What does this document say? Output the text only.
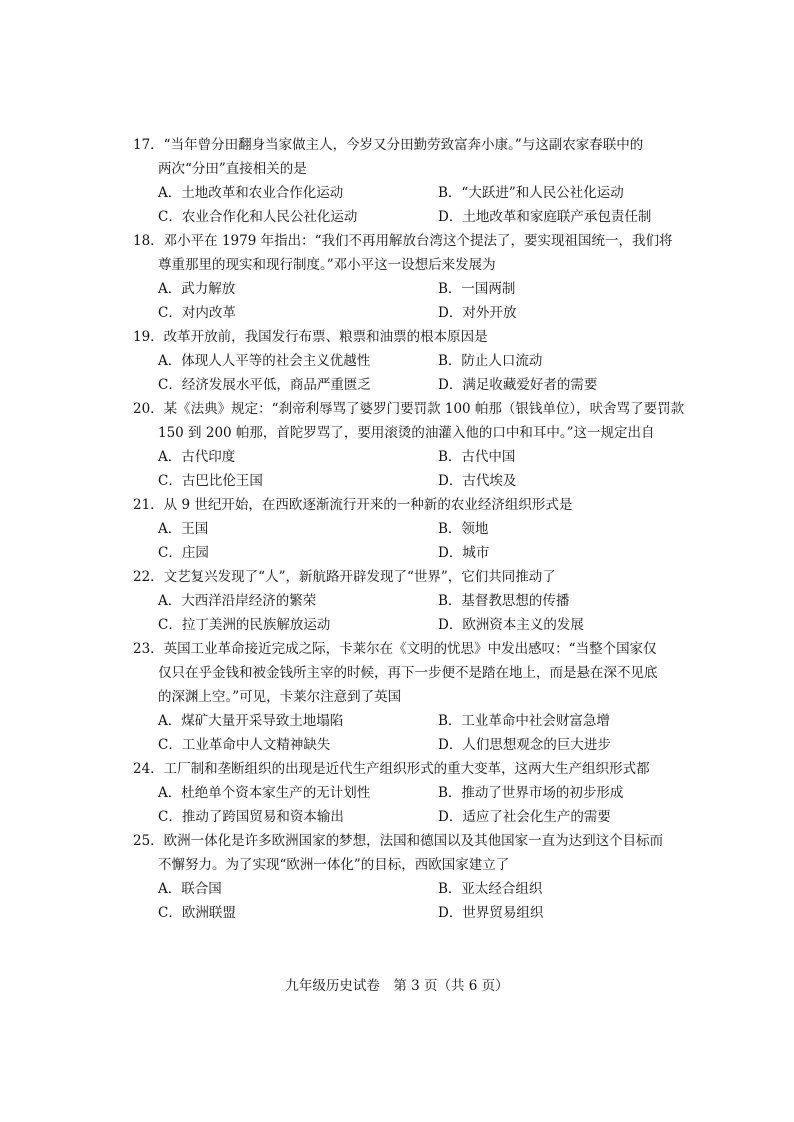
17．“当年曾分田翻身当家做主人，今岁又分田勤劳致富奔小康。”与这副农家春联中的
两次“分田”直接相关的是
A．土地改革和农业合作化运动	B．“大跃进”和人民公社化运动
C．农业合作化和人民公社化运动	D．土地改革和家庭联产承包责任制
18．邓小平在 1979 年指出：“我们不再用解放台湾这个提法了，要实现祖国统一，我们将
尊重那里的现实和现行制度。”邓小平这一设想后来发展为
A．武力解放	B．一国两制
C．对内改革	D．对外开放
19．改革开放前，我国发行布票、粮票和油票的根本原因是
A．体现人人平等的社会主义优越性	B．防止人口流动
C．经济发展水平低，商品严重匮乏	D．满足收藏爱好者的需要
20．某《法典》规定：“刹帝利辱骂了婆罗门要罚款 100 帕那（银钱单位），吠舍骂了要罚款
150 到 200 帕那，首陀罗骂了，要用滚烫的油灌入他的口中和耳中。”这一规定出自
A．古代印度	B．古代中国
C．古巴比伦王国	D．古代埃及
21．从 9 世纪开始，在西欧逐渐流行开来的一种新的农业经济组织形式是
A．王国	B．领地
C．庄园	D．城市
22．文艺复兴发现了“人”，新航路开辟发现了“世界”，它们共同推动了
A．大西洋沿岸经济的繁荣	B．基督教思想的传播
C．拉丁美洲的民族解放运动	D．欧洲资本主义的发展
23．英国工业革命接近完成之际，卡莱尔在《文明的忧思》中发出感叹：“当整个国家仅
仅只在乎金钱和被金钱所主宰的时候，再下一步便不是踏在地上，而是悬在深不见底
的深渊上空。”可见，卡莱尔注意到了英国
A．煤矿大量开采导致土地塌陷	B．工业革命中社会财富急增
C．工业革命中人文精神缺失	D．人们思想观念的巨大进步
24．工厂制和垄断组织的出现是近代生产组织形式的重大变革，这两大生产组织形式都
A．杜绝单个资本家生产的无计划性	B．推动了世界市场的初步形成
C．推动了跨国贸易和资本输出	D．适应了社会化生产的需要
25．欧洲一体化是许多欧洲国家的梦想，法国和德国以及其他国家一直为达到这个目标而
不懈努力。为了实现“欧洲一体化”的目标，西欧国家建立了
A．联合国	B．亚太经合组织
C．欧洲联盟	D．世界贸易组织
九年级历史试卷　第 3 页（共 6 页）
